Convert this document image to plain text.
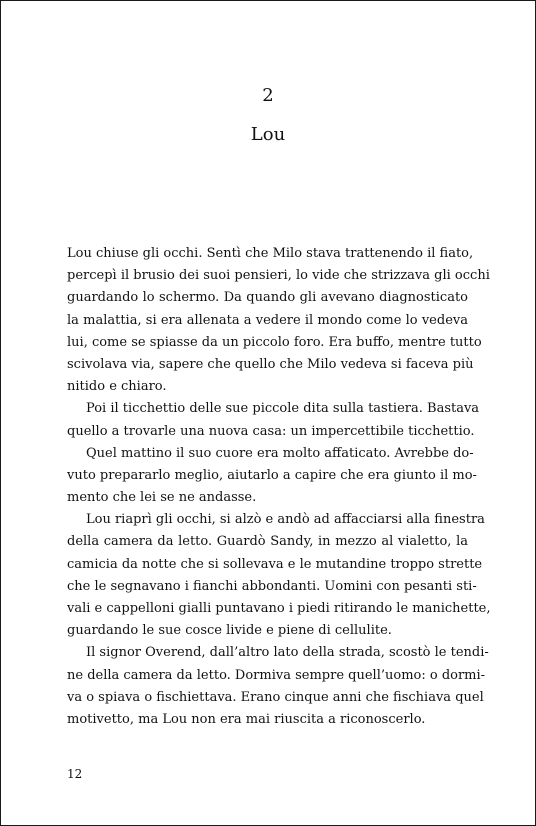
2
Lou
Lou chiuse gli occhi. Sentì che Milo stava trattenendo il fiato,
percepì il brusio dei suoi pensieri, lo vide che strizzava gli occhi
guardando lo schermo. Da quando gli avevano diagnosticato
la malattia, si era allenata a vedere il mondo come lo vedeva
lui, come se spiasse da un piccolo foro. Era buffo, mentre tutto
scivolava via, sapere che quello che Milo vedeva si faceva più
nitido e chiaro.
Poi il ticchettio delle sue piccole dita sulla tastiera. Bastava
quello a trovarle una nuova casa: un impercettibile ticchettio.
Quel mattino il suo cuore era molto affaticato. Avrebbe do-
vuto prepararlo meglio, aiutarlo a capire che era giunto il mo-
mento che lei se ne andasse.
Lou riaprì gli occhi, si alzò e andò ad affacciarsi alla finestra
della camera da letto. Guardò Sandy, in mezzo al vialetto, la
camicia da notte che si sollevava e le mutandine troppo strette
che le segnavano i fianchi abbondanti. Uomini con pesanti sti-
vali e cappelloni gialli puntavano i piedi ritirando le manichette,
guardando le sue cosce livide e piene di cellulite.
Il signor Overend, dall’altro lato della strada, scostò le tendi-
ne della camera da letto. Dormiva sempre quell’uomo: o dormi-
va o spiava o fischiettava. Erano cinque anni che fischiava quel
motivetto, ma Lou non era mai riuscita a riconoscerlo.
12
